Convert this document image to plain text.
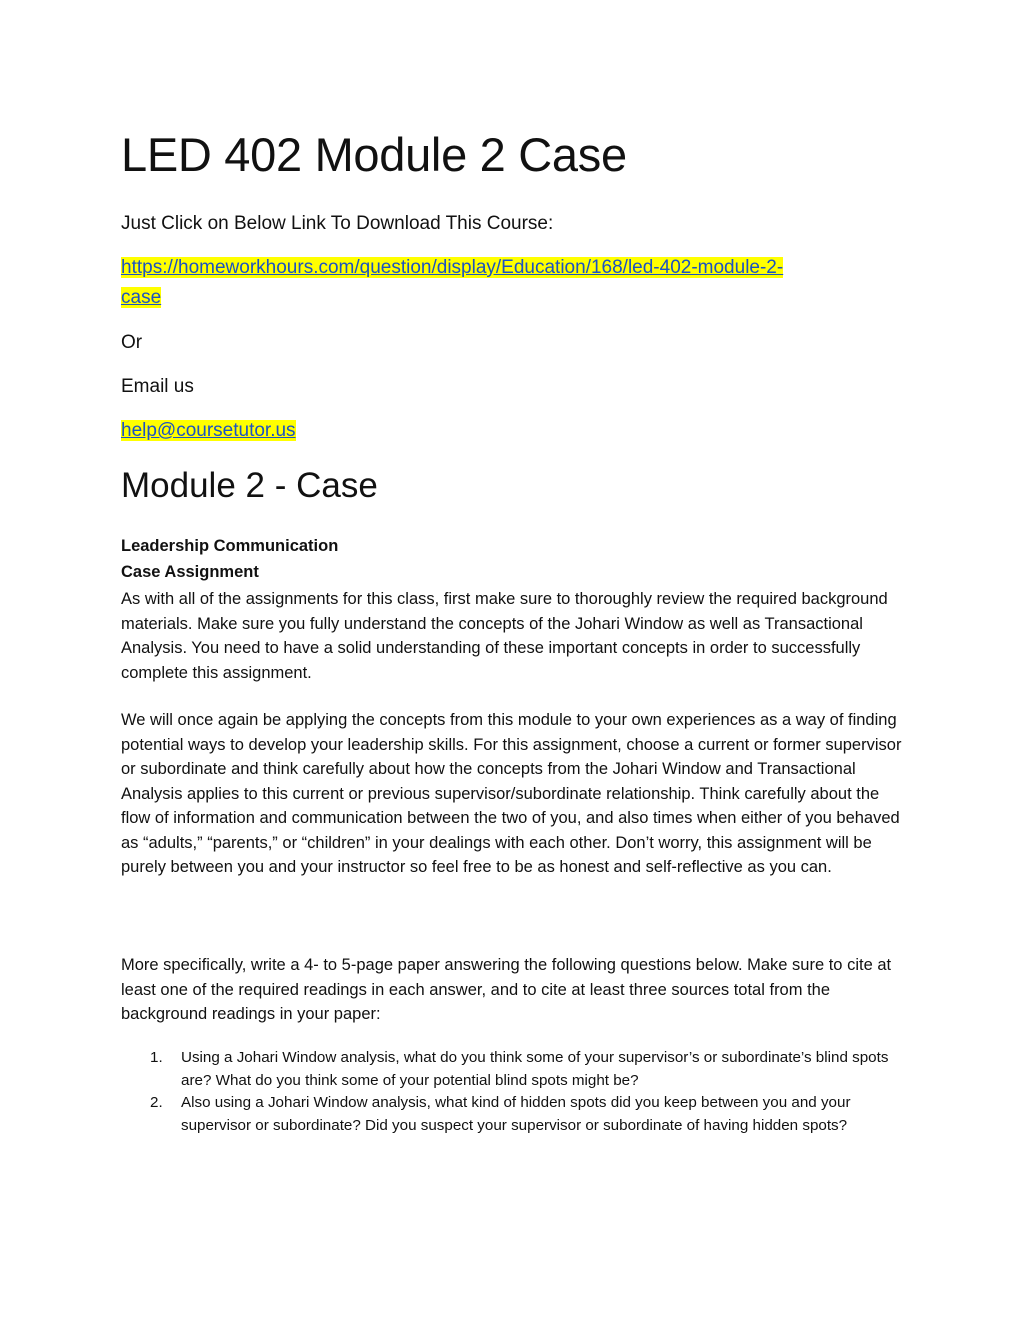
LED 402 Module 2 Case

Just Click on Below Link To Download This Course:

https://homeworkhours.com/question/display/Education/168/led-402-module-2-
case

Or

Email us

help@coursetutor.us

Module 2 - Case

Leadership Communication

Case Assignment

As with all of the assignments for this class, first make sure to thoroughly review the required background materials. Make sure you fully understand the concepts of the Johari Window as well as Transactional Analysis. You need to have a solid understanding of these important concepts in order to successfully complete this assignment.

We will once again be applying the concepts from this module to your own experiences as a way of finding potential ways to develop your leadership skills. For this assignment, choose a current or former supervisor or subordinate and think carefully about how the concepts from the Johari Window and Transactional Analysis applies to this current or previous supervisor/subordinate relationship. Think carefully about the flow of information and communication between the two of you, and also times when either of you behaved as “adults,” “parents,” or “children” in your dealings with each other. Don’t worry, this assignment will be purely between you and your instructor so feel free to be as honest and self-reflective as you can.

More specifically, write a 4- to 5-page paper answering the following questions below. Make sure to cite at least one of the required readings in each answer, and to cite at least three sources total from the background readings in your paper:

1. Using a Johari Window analysis, what do you think some of your supervisor’s or subordinate’s blind spots are? What do you think some of your potential blind spots might be?
2. Also using a Johari Window analysis, what kind of hidden spots did you keep between you and your supervisor or subordinate? Did you suspect your supervisor or subordinate of having hidden spots?
